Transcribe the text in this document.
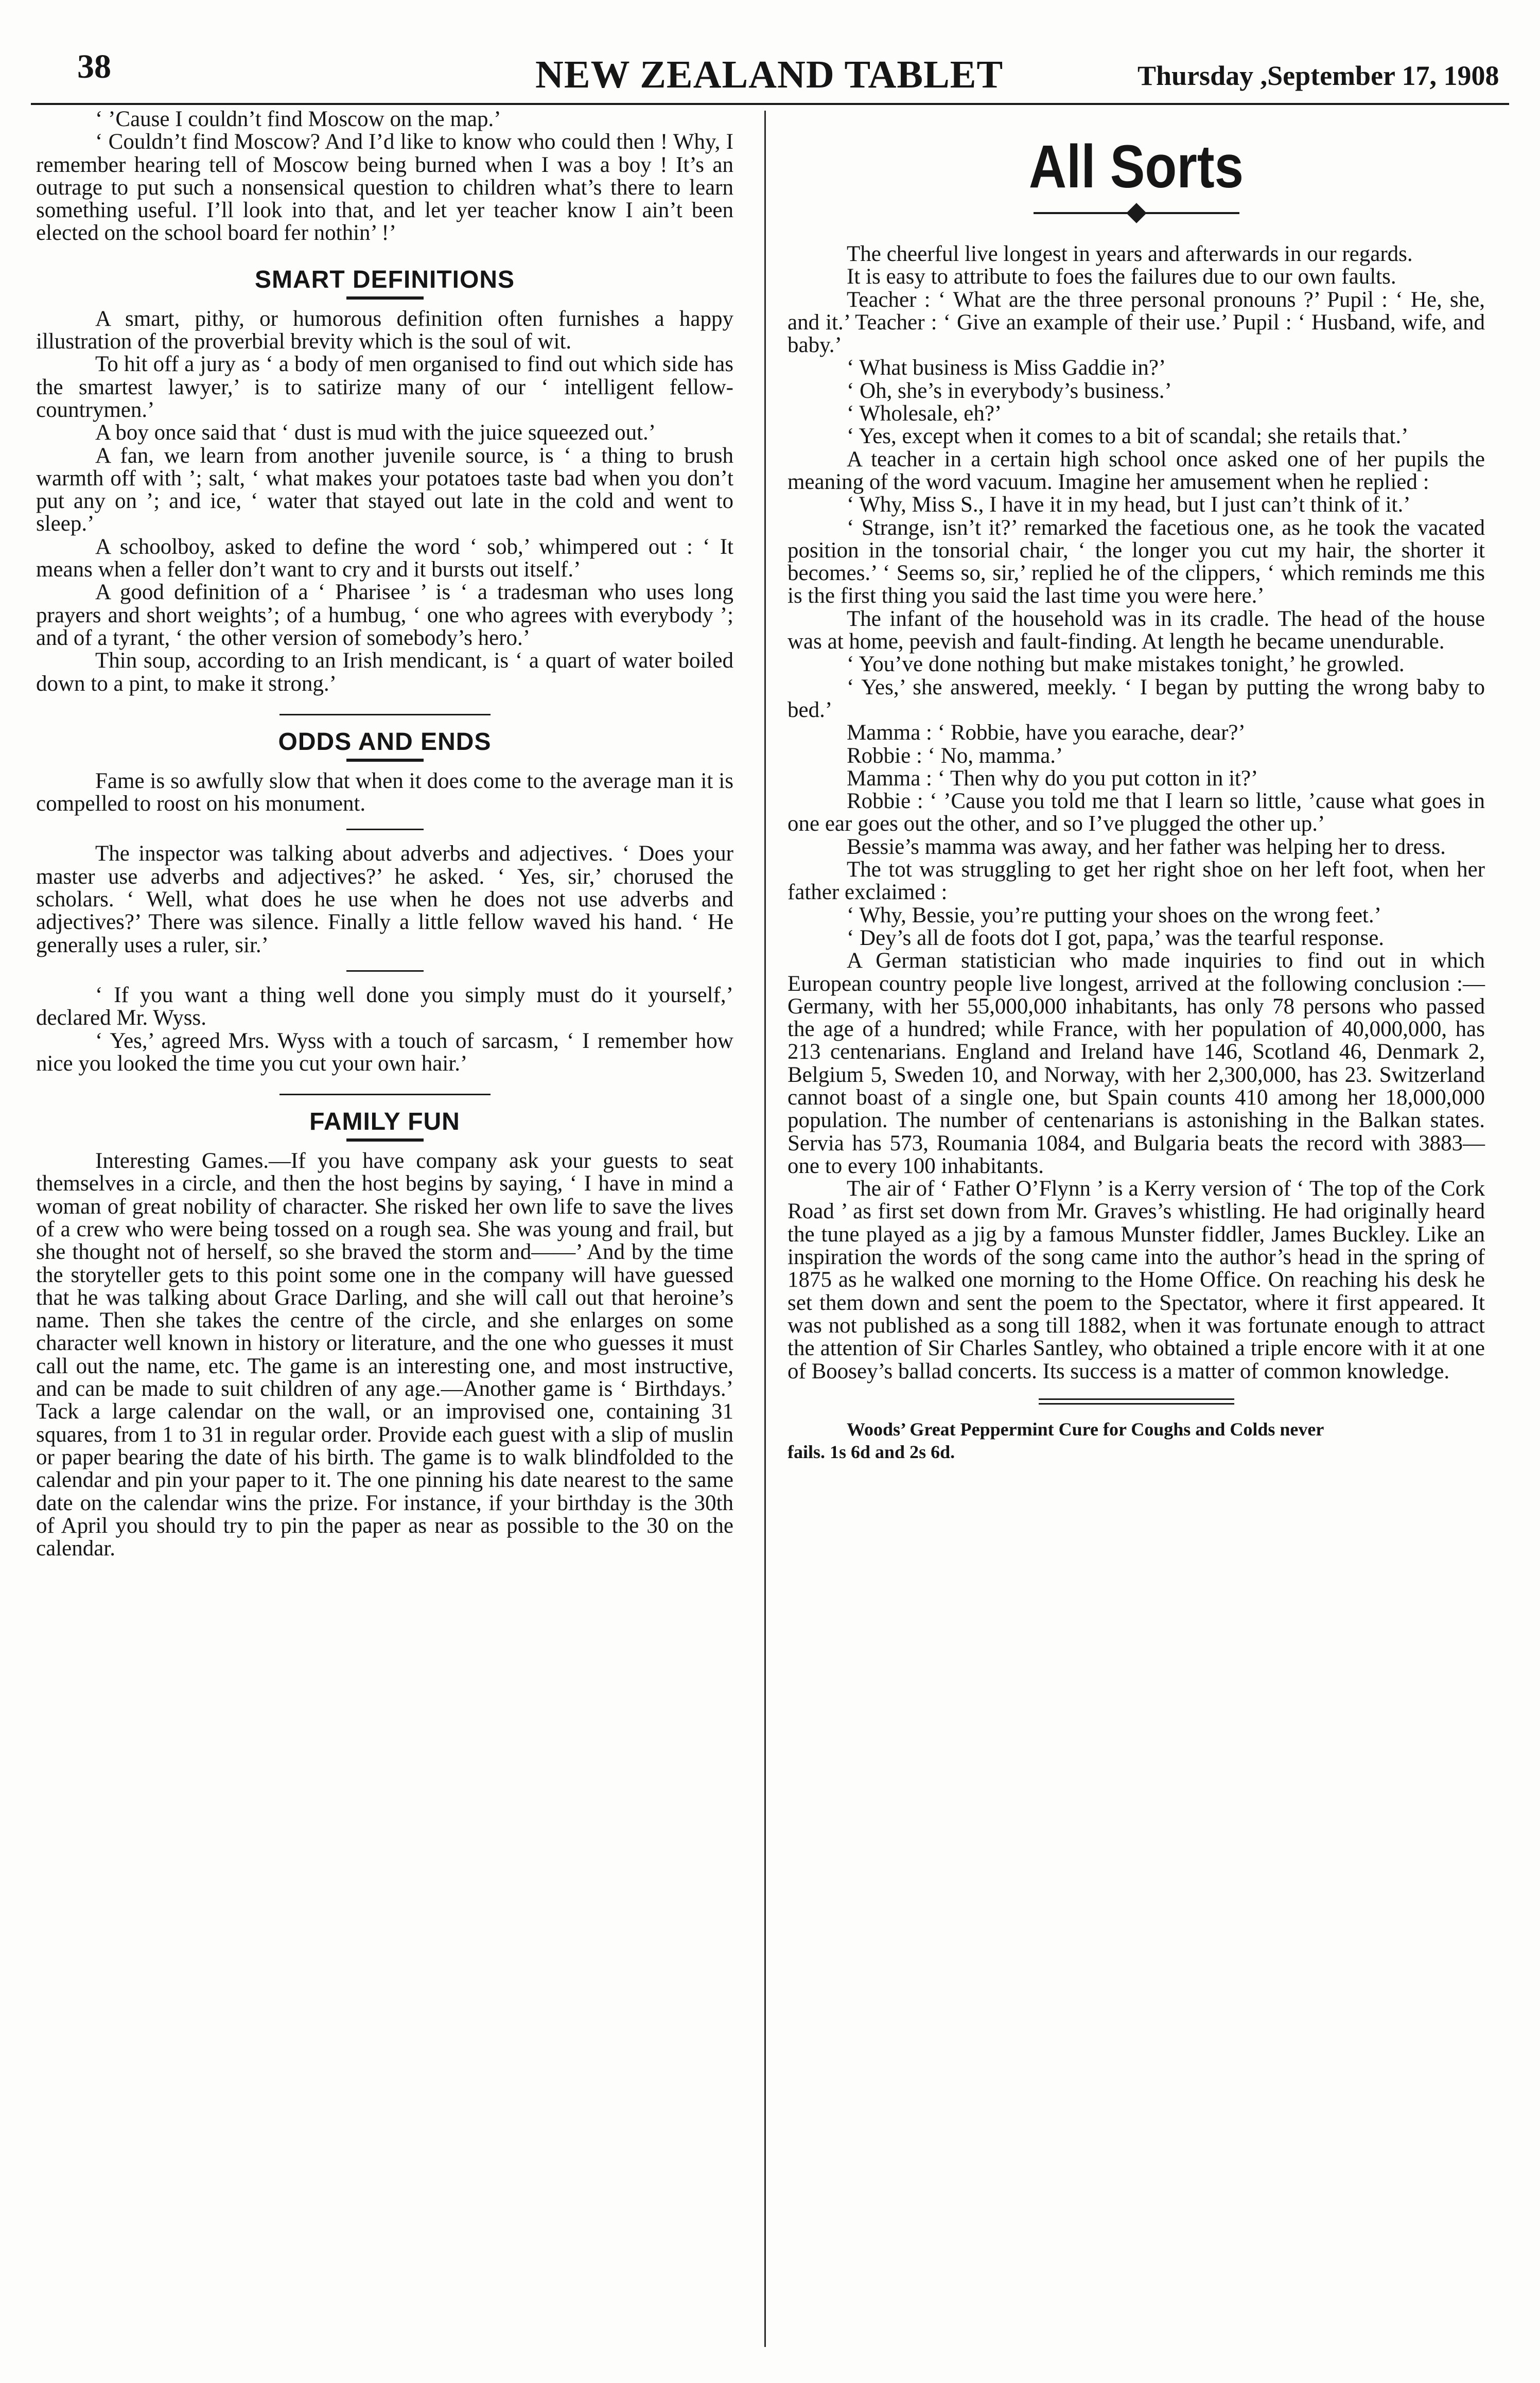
38	NEW ZEALAND TABLET	Thursday ,September 17, 1908

‘ ’Cause I couldn’t find Moscow on the map.’

‘ Couldn’t find Moscow? And I’d like to know who could then ! Why, I remember hearing tell of Moscow being burned when I was a boy ! It’s an outrage to put such a nonsensical question to children what’s there to learn something useful. I’ll look into that, and let yer teacher know I ain’t been elected on the school board fer nothin’ !’

SMART DEFINITIONS

A smart, pithy, or humorous definition often furnishes a happy illustration of the proverbial brevity which is the soul of wit.

To hit off a jury as ‘ a body of men organised to find out which side has the smartest lawyer,’ is to satirize many of our ‘ intelligent fellow-countrymen.’

A boy once said that ‘ dust is mud with the juice squeezed out.’

A fan, we learn from another juvenile source, is ‘ a thing to brush warmth off with ’; salt, ‘ what makes your potatoes taste bad when you don’t put any on ’; and ice, ‘ water that stayed out late in the cold and went to sleep.’

A schoolboy, asked to define the word ‘ sob,’ whimpered out : ‘ It means when a feller don’t want to cry and it bursts out itself.’

A good definition of a ‘ Pharisee ’ is ‘ a tradesman who uses long prayers and short weights’; of a humbug, ‘ one who agrees with everybody ’; and of a tyrant, ‘ the other version of somebody’s hero.’

Thin soup, according to an Irish mendicant, is ‘ a quart of water boiled down to a pint, to make it strong.’

ODDS AND ENDS

Fame is so awfully slow that when it does come to the average man it is compelled to roost on his monument.

The inspector was talking about adverbs and adjectives. ‘ Does your master use adverbs and adjectives?’ he asked. ‘ Yes, sir,’ chorused the scholars. ‘ Well, what does he use when he does not use adverbs and adjectives?’ There was silence. Finally a little fellow waved his hand. ‘ He generally uses a ruler, sir.’

‘ If you want a thing well done you simply must do it yourself,’ declared Mr. Wyss.

‘ Yes,’ agreed Mrs. Wyss with a touch of sarcasm, ‘ I remember how nice you looked the time you cut your own hair.’

FAMILY FUN

Interesting Games.—If you have company ask your guests to seat themselves in a circle, and then the host begins by saying, ‘ I have in mind a woman of great nobility of character. She risked her own life to save the lives of a crew who were being tossed on a rough sea. She was young and frail, but she thought not of herself, so she braved the storm and——’ And by the time the storyteller gets to this point some one in the company will have guessed that he was talking about Grace Darling, and she will call out that heroine’s name. Then she takes the centre of the circle, and she enlarges on some character well known in history or literature, and the one who guesses it must call out the name, etc. The game is an interesting one, and most instructive, and can be made to suit children of any age.—Another game is ‘ Birthdays.’ Tack a large calendar on the wall, or an improvised one, containing 31 squares, from 1 to 31 in regular order. Provide each guest with a slip of muslin or paper bearing the date of his birth. The game is to walk blindfolded to the calendar and pin your paper to it. The one pinning his date nearest to the same date on the calendar wins the prize. For instance, if your birthday is the 30th of April you should try to pin the paper as near as possible to the 30 on the calendar.

All Sorts

The cheerful live longest in years and afterwards in our regards.

It is easy to attribute to foes the failures due to our own faults.

Teacher : ‘ What are the three personal pronouns ?’ Pupil : ‘ He, she, and it.’ Teacher : ‘ Give an example of their use.’ Pupil : ‘ Husband, wife, and baby.’

‘ What business is Miss Gaddie in?’

‘ Oh, she’s in everybody’s business.’

‘ Wholesale, eh?’

‘ Yes, except when it comes to a bit of scandal; she retails that.’

A teacher in a certain high school once asked one of her pupils the meaning of the word vacuum. Imagine her amusement when he replied :

‘ Why, Miss S., I have it in my head, but I just can’t think of it.’

‘ Strange, isn’t it?’ remarked the facetious one, as he took the vacated position in the tonsorial chair, ‘ the longer you cut my hair, the shorter it becomes.’ ‘ Seems so, sir,’ replied he of the clippers, ‘ which reminds me this is the first thing you said the last time you were here.’

The infant of the household was in its cradle. The head of the house was at home, peevish and fault-finding. At length he became unendurable.

‘ You’ve done nothing but make mistakes tonight,’ he growled.

‘ Yes,’ she answered, meekly. ‘ I began by putting the wrong baby to bed.’

Mamma : ‘ Robbie, have you earache, dear?’

Robbie : ‘ No, mamma.’

Mamma : ‘ Then why do you put cotton in it?’

Robbie : ‘ ’Cause you told me that I learn so little, ’cause what goes in one ear goes out the other, and so I’ve plugged the other up.’

Bessie’s mamma was away, and her father was helping her to dress.

The tot was struggling to get her right shoe on her left foot, when her father exclaimed :

‘ Why, Bessie, you’re putting your shoes on the wrong feet.’

‘ Dey’s all de foots dot I got, papa,’ was the tearful response.

A German statistician who made inquiries to find out in which European country people live longest, arrived at the following conclusion :—Germany, with her 55,000,000 inhabitants, has only 78 persons who passed the age of a hundred; while France, with her population of 40,000,000, has 213 centenarians. England and Ireland have 146, Scotland 46, Denmark 2, Belgium 5, Sweden 10, and Norway, with her 2,300,000, has 23. Switzerland cannot boast of a single one, but Spain counts 410 among her 18,000,000 population. The number of centenarians is astonishing in the Balkan states. Servia has 573, Roumania 1084, and Bulgaria beats the record with 3883—one to every 100 inhabitants.

The air of ‘ Father O’Flynn ’ is a Kerry version of ‘ The top of the Cork Road ’ as first set down from Mr. Graves’s whistling. He had originally heard the tune played as a jig by a famous Munster fiddler, James Buckley. Like an inspiration the words of the song came into the author’s head in the spring of 1875 as he walked one morning to the Home Office. On reaching his desk he set them down and sent the poem to the Spectator, where it first appeared. It was not published as a song till 1882, when it was fortunate enough to attract the attention of Sir Charles Santley, who obtained a triple encore with it at one of Boosey’s ballad concerts. Its success is a matter of common knowledge.

Woods’ Great Peppermint Cure for Coughs and Colds never
fails. 1s 6d and 2s 6d.
